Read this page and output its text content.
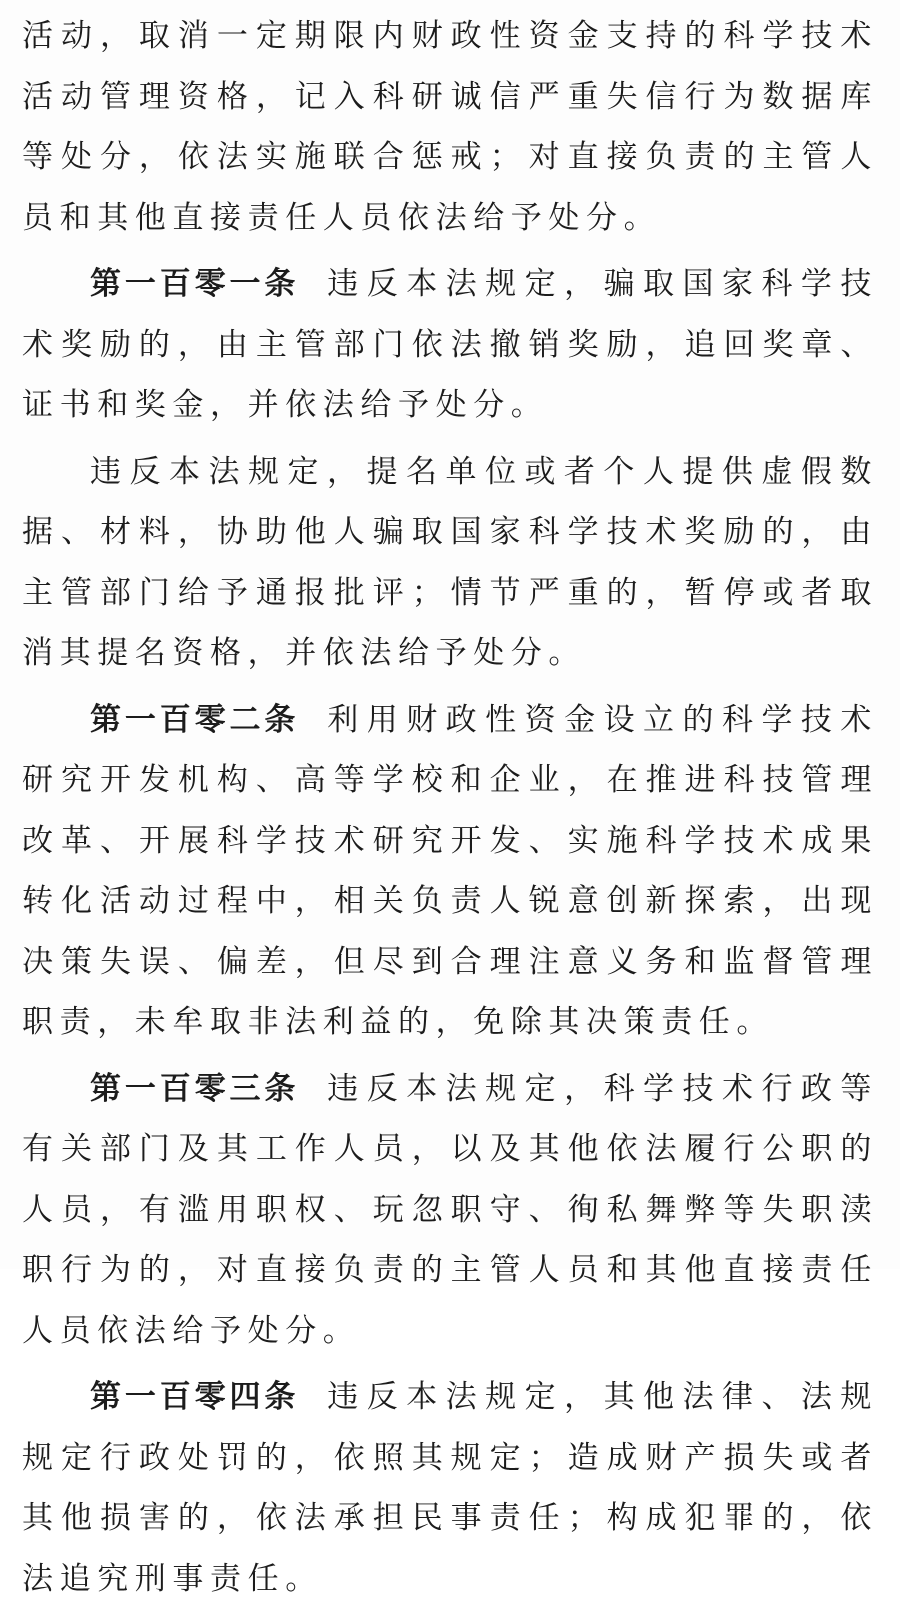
活动，取消一定期限内财政性资金支持的科学技术活动管理资格，记入科研诚信严重失信行为数据库等处分，依法实施联合惩戒；对直接负责的主管人员和其他直接责任人员依法给予处分。

第一百零一条 违反本法规定，骗取国家科学技术奖励的，由主管部门依法撤销奖励，追回奖章、证书和奖金，并依法给予处分。

违反本法规定，提名单位或者个人提供虚假数据、材料，协助他人骗取国家科学技术奖励的，由主管部门给予通报批评；情节严重的，暂停或者取消其提名资格，并依法给予处分。

第一百零二条 利用财政性资金设立的科学技术研究开发机构、高等学校和企业，在推进科技管理改革、开展科学技术研究开发、实施科学技术成果转化活动过程中，相关负责人锐意创新探索，出现决策失误、偏差，但尽到合理注意义务和监督管理职责，未牟取非法利益的，免除其决策责任。

第一百零三条 违反本法规定，科学技术行政等有关部门及其工作人员，以及其他依法履行公职的人员，有滥用职权、玩忽职守、徇私舞弊等失职渎职行为的，对直接负责的主管人员和其他直接责任人员依法给予处分。

第一百零四条 违反本法规定，其他法律、法规规定行政处罚的，依照其规定；造成财产损失或者其他损害的，依法承担民事责任；构成犯罪的，依法追究刑事责任。
